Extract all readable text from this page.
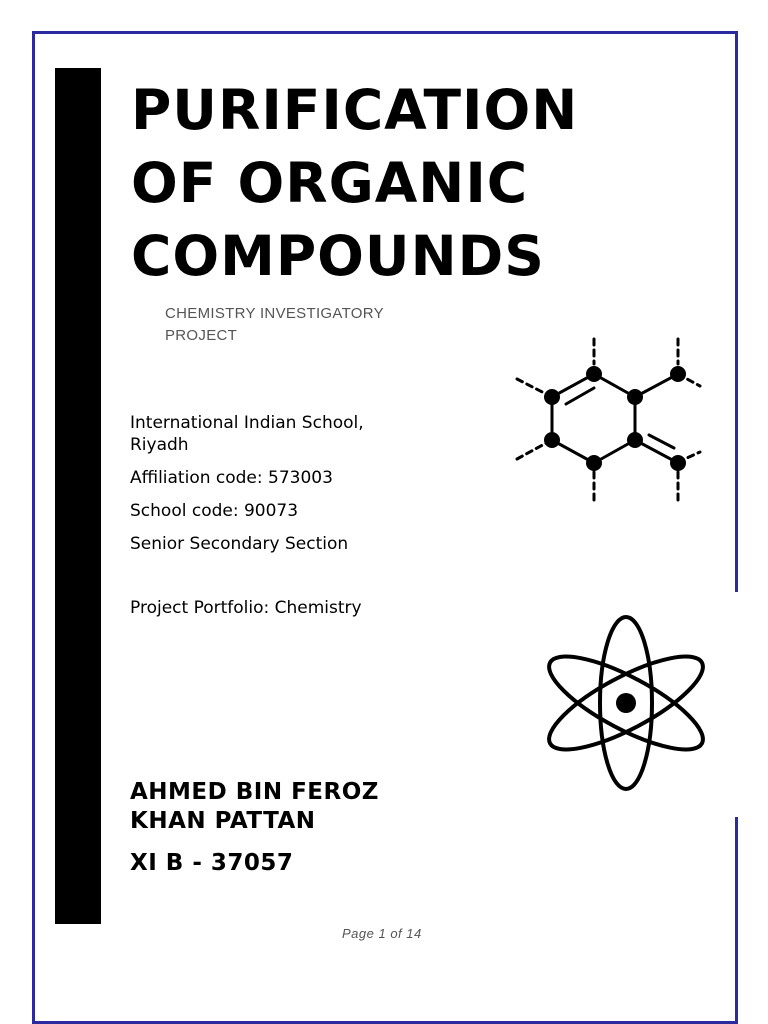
PURIFICATION
OF ORGANIC
COMPOUNDS
CHEMISTRY INVESTIGATORY
PROJECT
International Indian School,
Riyadh
Affiliation code: 573003
School code: 90073
Senior Secondary Section
Project Portfolio: Chemistry
AHMED BIN FEROZ
KHAN PATTAN
XI B - 37057
Page 1 of 14
